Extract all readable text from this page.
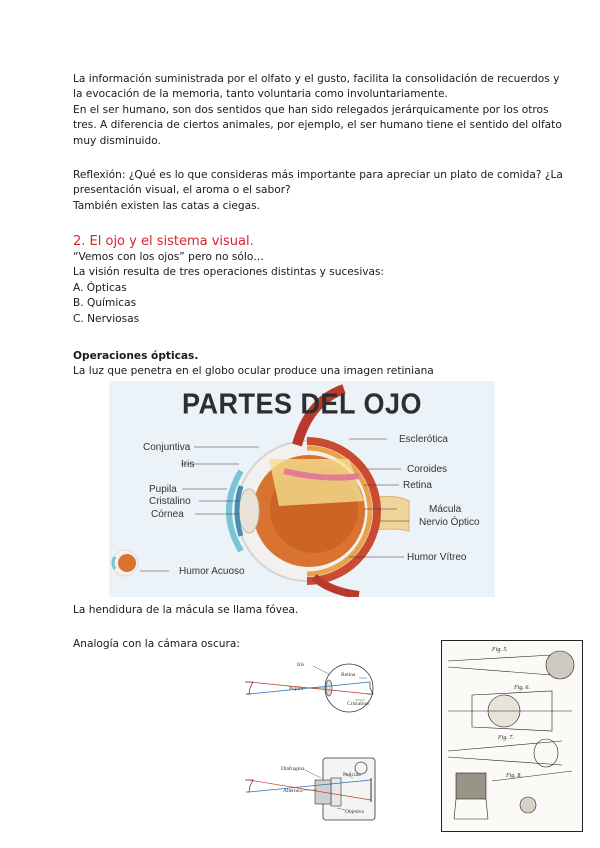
La información suministrada por el olfato y el gusto, facilita la consolidación de recuerdos y

la evocación de la memoria, tanto voluntaria como involuntariamente.

En el ser humano, son dos sentidos que han sido relegados jerárquicamente por los otros

tres. A diferencia de ciertos animales, por ejemplo, el ser humano tiene el sentido del olfato

muy disminuido.

Reflexión: ¿Qué es lo que consideras más importante para apreciar un plato de comida? ¿La

presentación visual, el aroma o el sabor?

También existen las catas a ciegas.

2. El ojo y el sistema visual.

“Vemos con los ojos” pero no sólo…

La visión resulta de tres operaciones distintas y sucesivas:

A. Ópticas

B. Químicas

C. Nerviosas

Operaciones ópticas.

La luz que penetra en el globo ocular produce una imagen retiniana

PARTES DEL OJO
Conjuntiva
Iris
Pupila
Cristalino
Córnea
Humor Acuoso
Esclerótica
Coroides
Retina
Mácula
Nervio Óptico
Humor Vítreo

La hendidura de la mácula se llama fóvea.

Analogía con la cámara oscura:

Iris
Pupila
Retina
Cristalino
Diafragma
Abertura
Pelicula
Objetivo
Fig. 5.
Fig. 6.
Fig. 7.
Fig. 8.
